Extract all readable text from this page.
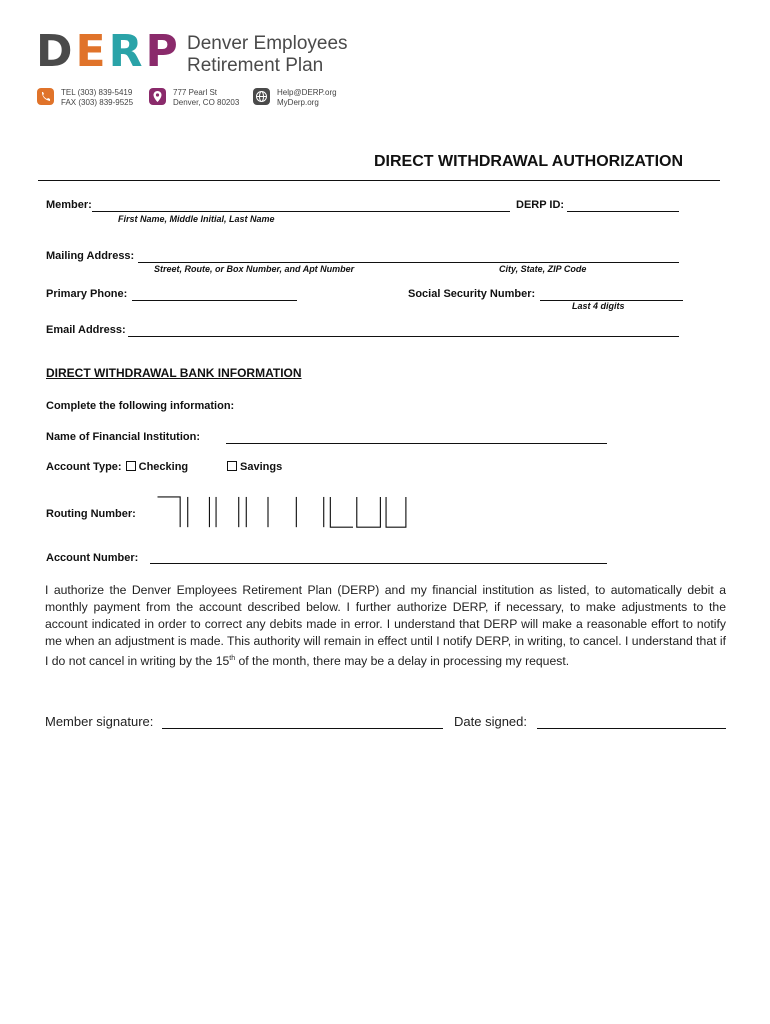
DERP Denver Employees
Retirement Plan
TEL (303) 839-5419
FAX (303) 839-9525
777 Pearl St
Denver, CO 80203
Help@DERP.org
MyDerp.org
DIRECT WITHDRAWAL AUTHORIZATION
Member:
First Name, Middle Initial, Last Name
DERP ID:
Mailing Address:
Street, Route, or Box Number, and Apt Number	City, State, ZIP Code
Primary Phone:	Social Security Number:
Last 4 digits
Email Address:
DIRECT WITHDRAWAL BANK INFORMATION
Complete the following information:
Name of Financial Institution:
Account Type: Checking	Savings
Routing Number:
Account Number:
I authorize the Denver Employees Retirement Plan (DERP) and my financial institution as listed, to automatically debit a monthly payment from the account described below. I further authorize DERP, if necessary, to make adjustments to the account indicated in order to correct any debits made in error. I understand that DERP will make a reasonable effort to notify me when an adjustment is made. This authority will remain in effect until I notify DERP, in writing, to cancel. I understand that if I do not cancel in writing by the 15th of the month, there may be a delay in processing my request.
Member signature:	Date signed:
